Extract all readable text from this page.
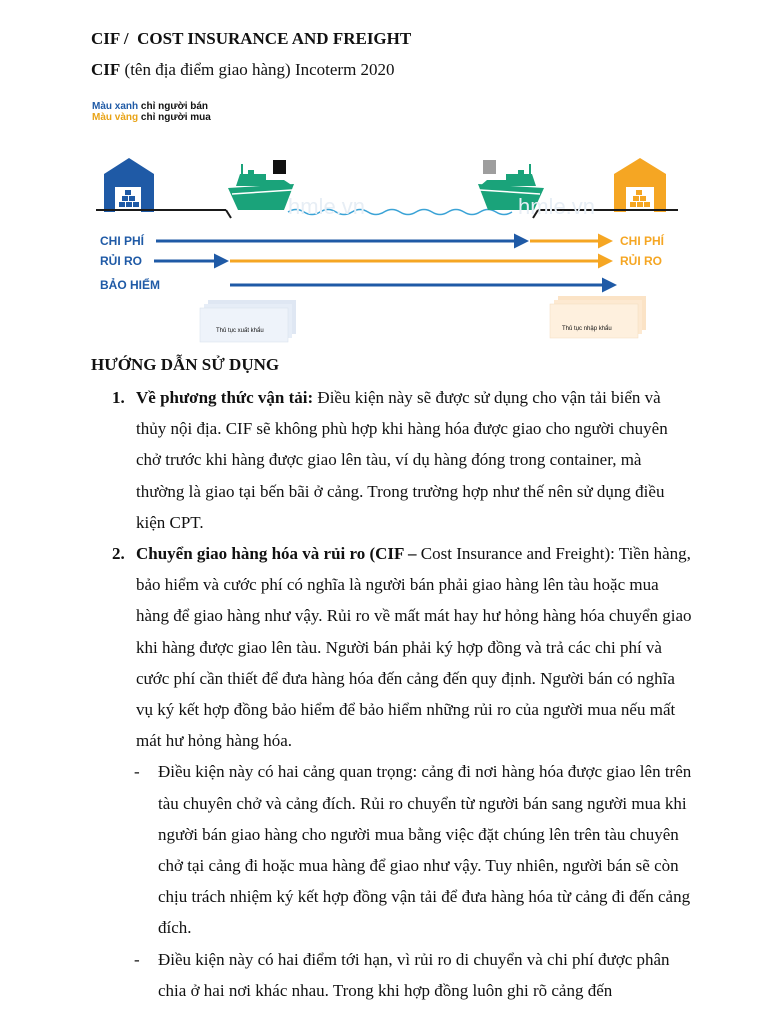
CIF /  COST INSURANCE AND FREIGHT
CIF (tên địa điểm giao hàng) Incoterm 2020
Màu xanh chỉ người bán
Màu vàng chỉ người mua
hmle.vn	hmle.vn
CHI PHÍ
RỦI RO
BẢO HIỂM
CHI PHÍ
RỦI RO
Thủ tục xuất khẩu	Thủ tục nhập khẩu
HƯỚNG DẪN SỬ DỤNG
1. Về phương thức vận tải: Điều kiện này sẽ được sử dụng cho vận tải biển và thủy nội địa. CIF sẽ không phù hợp khi hàng hóa được giao cho người chuyên chở trước khi hàng được giao lên tàu, ví dụ hàng đóng trong container, mà thường là giao tại bến bãi ở cảng. Trong trường hợp như thế nên sử dụng điều kiện CPT.
2. Chuyển giao hàng hóa và rủi ro (CIF – Cost Insurance and Freight): Tiền hàng, bảo hiểm và cước phí có nghĩa là người bán phải giao hàng lên tàu hoặc mua hàng để giao hàng như vậy. Rủi ro về mất mát hay hư hỏng hàng hóa chuyển giao khi hàng được giao lên tàu. Người bán phải ký hợp đồng và trả các chi phí và cước phí cần thiết để đưa hàng hóa đến cảng đến quy định. Người bán có nghĩa vụ ký kết hợp đồng bảo hiểm để bảo hiểm những rủi ro của người mua nếu mất mát hư hỏng hàng hóa.
- Điều kiện này có hai cảng quan trọng: cảng đi nơi hàng hóa được giao lên trên tàu chuyên chở và cảng đích. Rủi ro chuyển từ người bán sang người mua khi người bán giao hàng cho người mua bằng việc đặt chúng lên trên tàu chuyên chở tại cảng đi hoặc mua hàng để giao như vậy. Tuy nhiên, người bán sẽ còn chịu trách nhiệm ký kết hợp đồng vận tải để đưa hàng hóa từ cảng đi đến cảng đích.
- Điều kiện này có hai điểm tới hạn, vì rủi ro di chuyển và chi phí được phân chia ở hai nơi khác nhau. Trong khi hợp đồng luôn ghi rõ cảng đến
